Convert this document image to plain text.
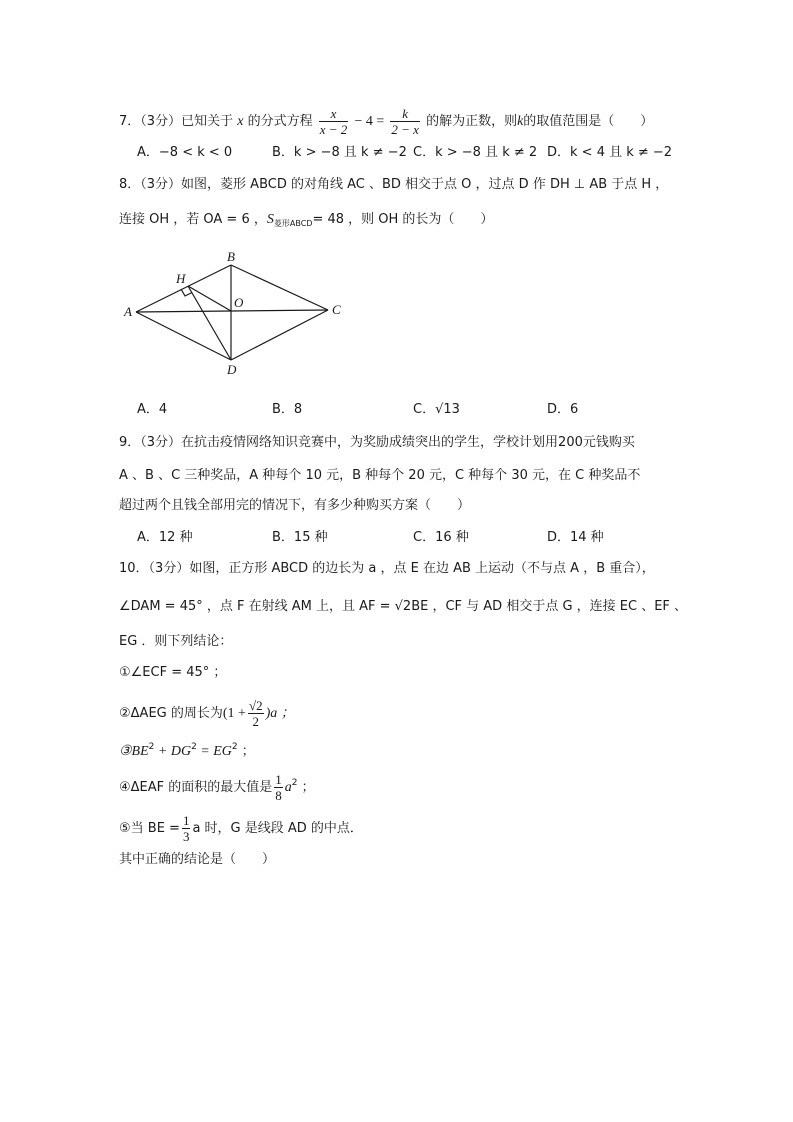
7．（3分）已知关于 x 的分式方程 $\frac{x}{x - 2} - 4 = \frac{k}{2 - x}$ 的解为正数，则k的取值范围是（　　）
A．−8 < k < 0	B．k > −8 且 k ≠ −2 C．k > −8 且 k ≠ 2 D．k < 4 且 k ≠ −2
8．（3分）如图，菱形 ABCD 的对角线 AC 、BD 相交于点 O ，过点 D 作 DH ⊥ AB 于点 H ，
连接 OH ，若 OA = 6 ，$S_{菱形ABCD}= 48$ ，则 OH 的长为（　　）
A
B
C
D
H
O
A．4	B．8	C．√13	D．6
9．（3分）在抗击疫情网络知识竞赛中，为奖励成绩突出的学生，学校计划用200元钱购买
A 、B 、C 三种奖品，A 种每个 10 元，B 种每个 20 元，C 种每个 30 元，在 C 种奖品不
超过两个且钱全部用完的情况下，有多少种购买方案（　　）
A．12 种	B．15 种	C．16 种	D．14 种
10．（3分）如图，正方形 ABCD 的边长为 a ，点 E 在边 AB 上运动（不与点 A ，B 重合），
∠DAM = 45° ，点 F 在射线 AM 上，且 AF = √2BE ，CF 与 AD 相交于点 G ，连接 EC 、EF 、
EG ．则下列结论：
①∠ECF = 45° ；
②ΔAEG 的周长为$(1 + \frac{√2}{2} )a$ ；
$③BE^2 + DG^2 = EG^2$ ；
④ΔEAF 的面积的最大值是 $\frac{1}{8} a^2$ ；
⑤当 BE = $\frac{1}{3}$ a 时，G 是线段 AD 的中点．
其中正确的结论是（　　）
